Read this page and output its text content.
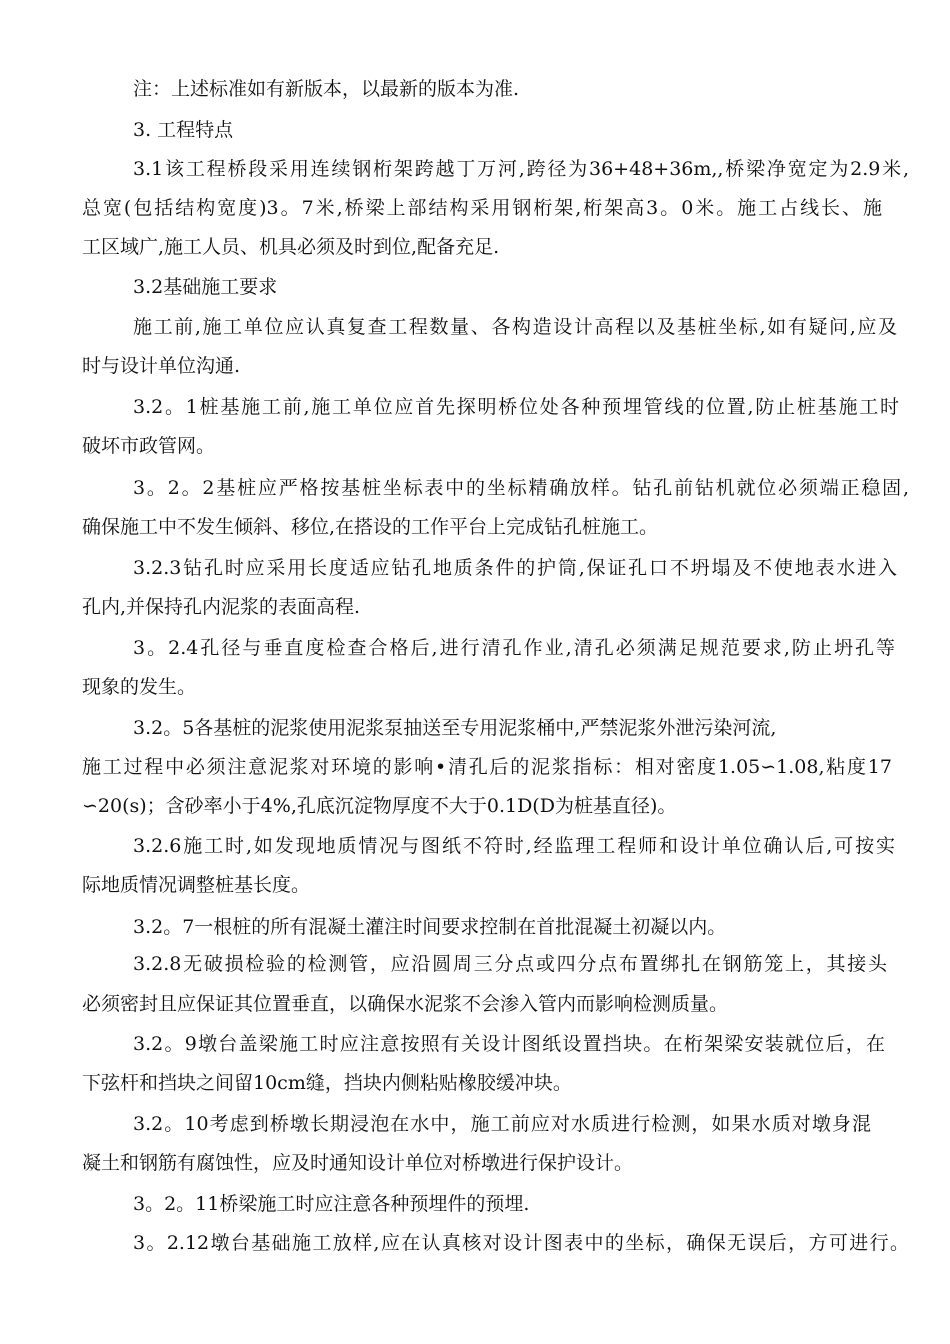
注：上述标准如有新版本，以最新的版本为准.
3. 工程特点
3.1该工程桥段采用连续钢桁架跨越丁万河,跨径为36+48+36m,,桥梁净宽定为2.9米,
总宽(包括结构宽度)3。7米,桥梁上部结构采用钢桁架,桁架高3。0米。施工占线长、施
工区域广,施工人员、机具必须及时到位,配备充足.
3.2基础施工要求
施工前,施工单位应认真复查工程数量、各构造设计高程以及基桩坐标,如有疑问,应及
时与设计单位沟通.
3.2。1桩基施工前,施工单位应首先探明桥位处各种预埋管线的位置,防止桩基施工时
破坏市政管网。
3。2。2基桩应严格按基桩坐标表中的坐标精确放样。钻孔前钻机就位必须端正稳固,
确保施工中不发生倾斜、移位,在搭设的工作平台上完成钻孔桩施工。
3.2.3钻孔时应采用长度适应钻孔地质条件的护筒,保证孔口不坍塌及不使地表水进入
孔内,并保持孔内泥浆的表面高程.
3。2.4孔径与垂直度检查合格后,进行清孔作业,清孔必须满足规范要求,防止坍孔等
现象的发生。
3.2。5各基桩的泥浆使用泥浆泵抽送至专用泥浆桶中,严禁泥浆外泄污染河流,
施工过程中必须注意泥浆对环境的影响•清孔后的泥浆指标：相对密度1.05∽1.08,粘度17
∽20(s)；含砂率小于4%,孔底沉淀物厚度不大于0.1D(D为桩基直径)。
3.2.6施工时,如发现地质情况与图纸不符时,经监理工程师和设计单位确认后,可按实
际地质情况调整桩基长度。
3.2。7一根桩的所有混凝土灌注时间要求控制在首批混凝土初凝以内。
3.2.8无破损检验的检测管，应沿圆周三分点或四分点布置绑扎在钢筋笼上，其接头
必须密封且应保证其位置垂直，以确保水泥浆不会渗入管内而影响检测质量。
3.2。9墩台盖梁施工时应注意按照有关设计图纸设置挡块。在桁架梁安装就位后，在
下弦杆和挡块之间留10cm缝，挡块内侧粘贴橡胶缓冲块。
3.2。10考虑到桥墩长期浸泡在水中，施工前应对水质进行检测，如果水质对墩身混
凝土和钢筋有腐蚀性，应及时通知设计单位对桥墩进行保护设计。
3。2。11桥梁施工时应注意各种预埋件的预埋.
3。2.12墩台基础施工放样,应在认真核对设计图表中的坐标，确保无误后，方可进行。
